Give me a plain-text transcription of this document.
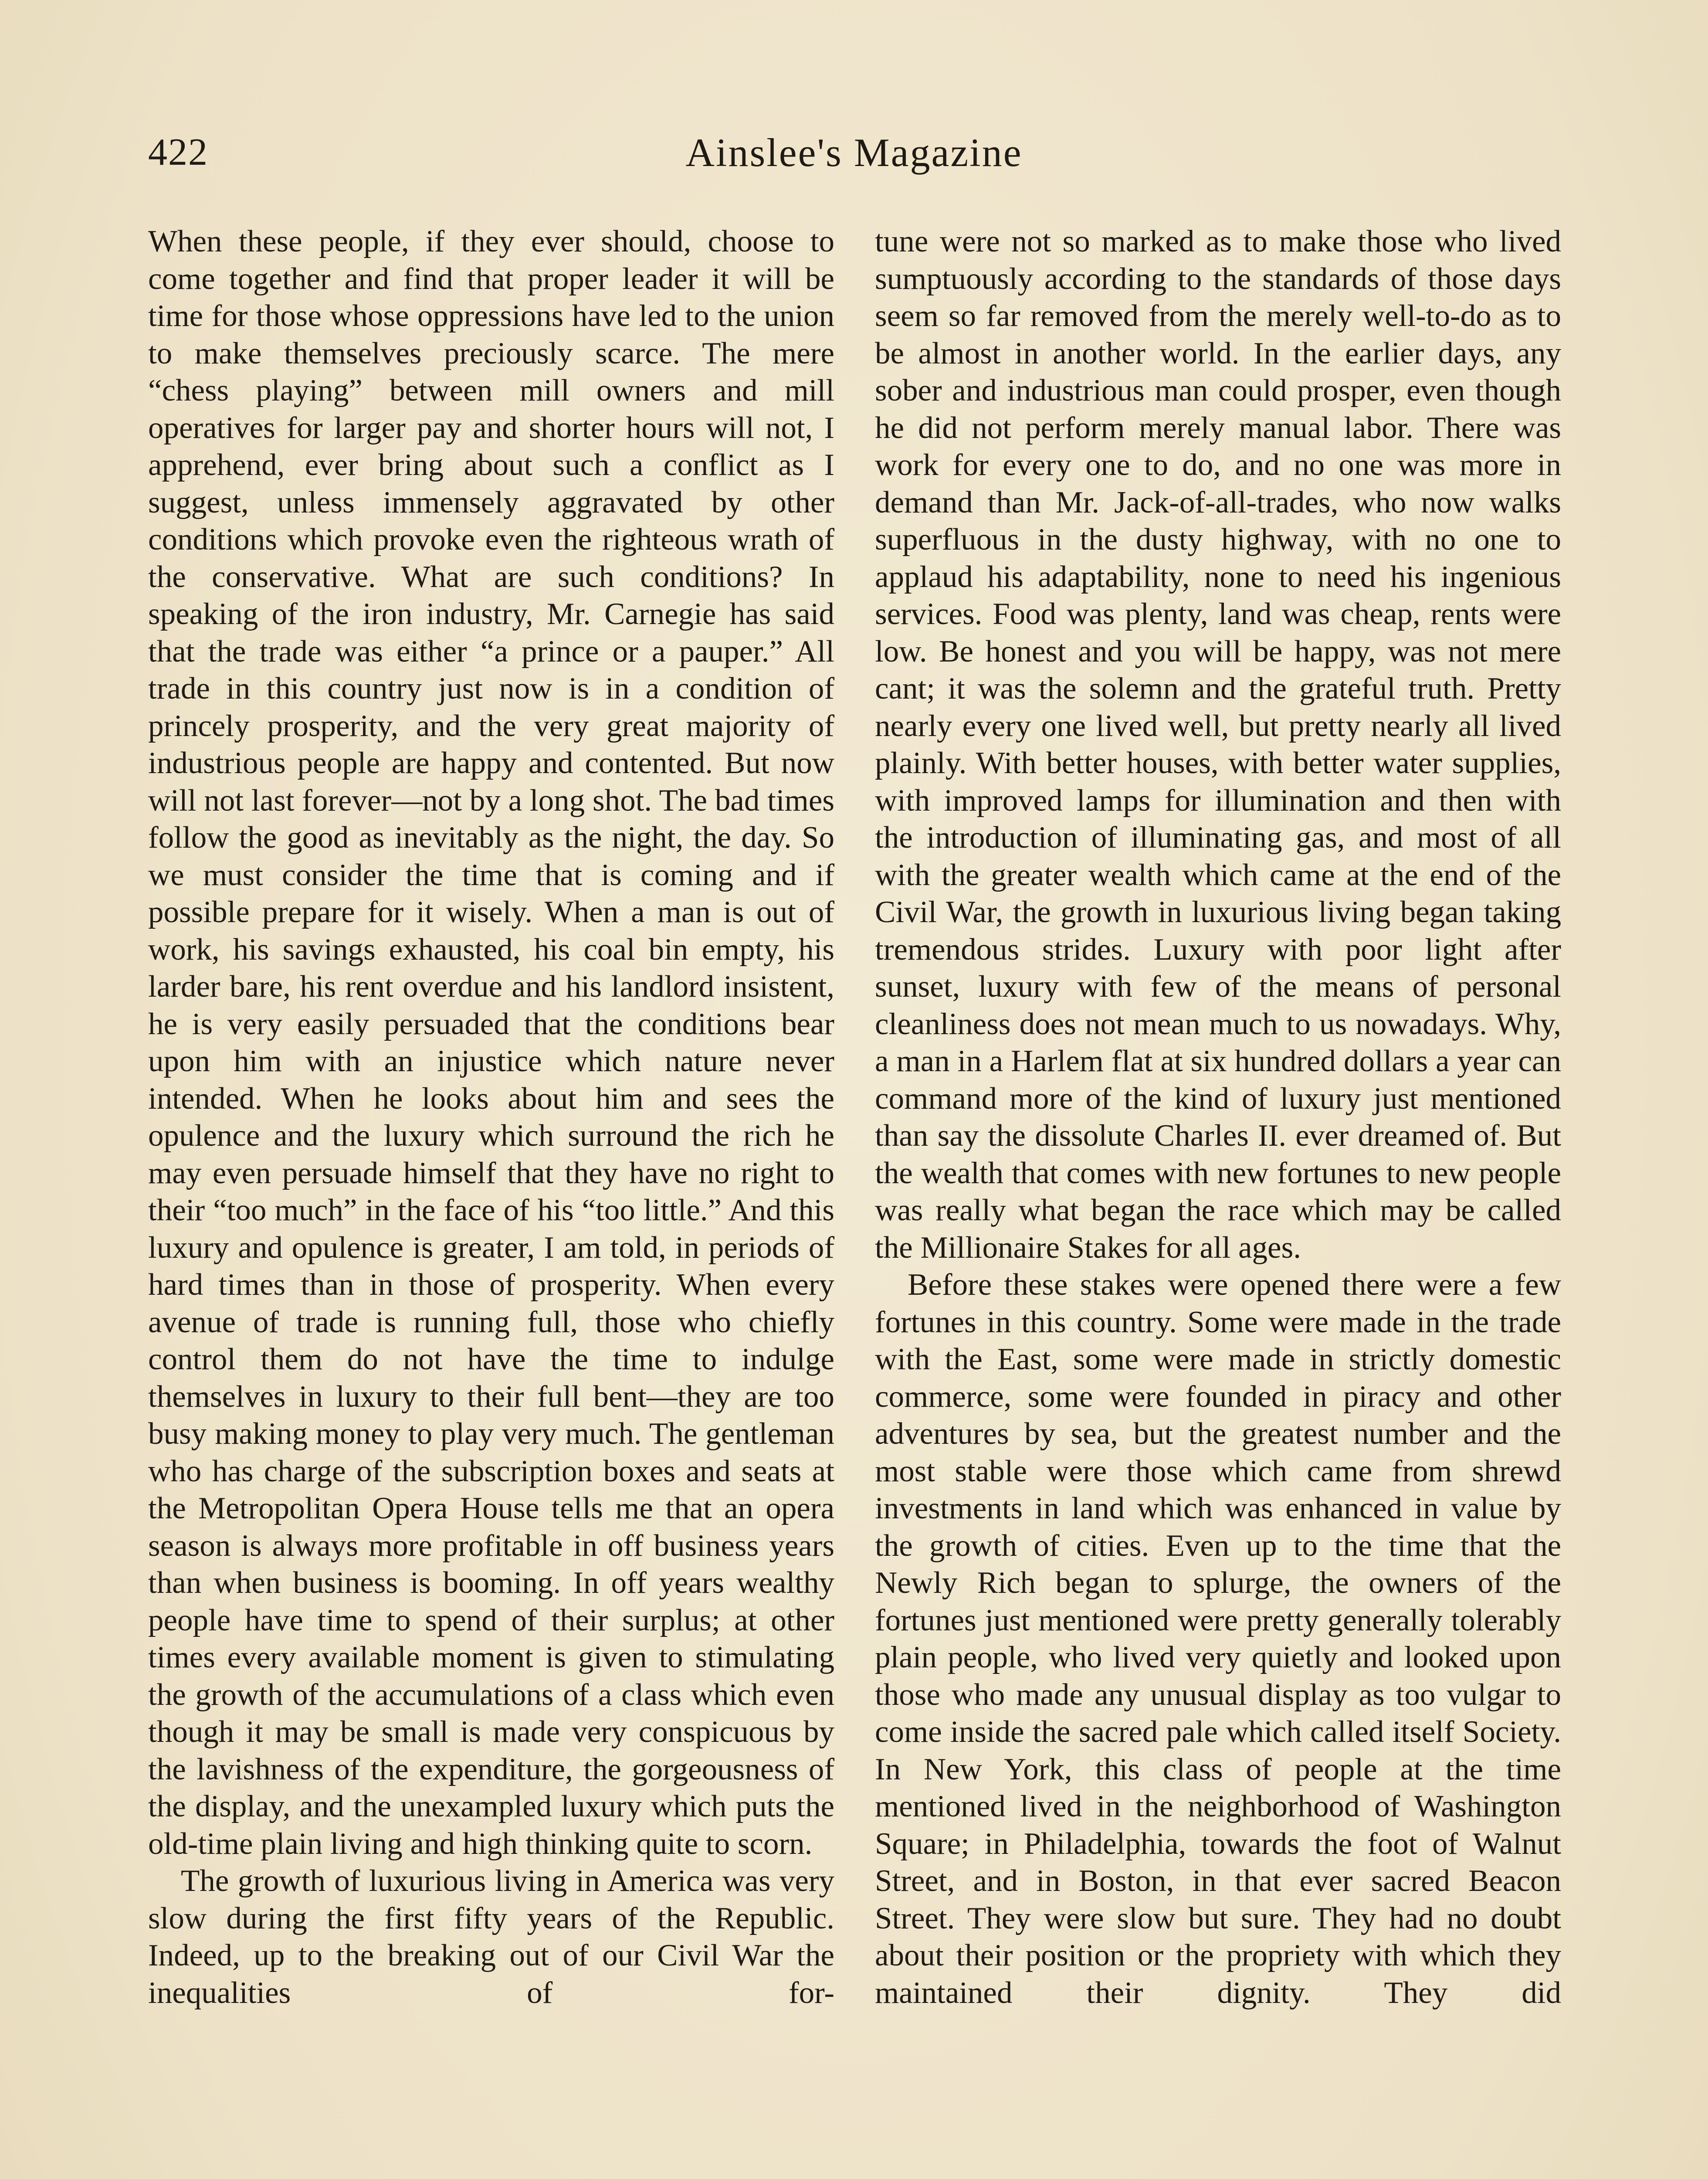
422	Ainslee's Magazine

When these people, if they ever should, choose to come together and find that proper leader it will be time for those whose oppressions have led to the union to make themselves preciously scarce. The mere “chess playing” between mill owners and mill operatives for larger pay and shorter hours will not, I apprehend, ever bring about such a conflict as I suggest, unless immensely aggravated by other conditions which provoke even the righteous wrath of the conservative. What are such conditions? In speaking of the iron industry, Mr. Carnegie has said that the trade was either “a prince or a pauper.” All trade in this country just now is in a condition of princely prosperity, and the very great majority of industrious people are happy and contented. But now will not last forever—not by a long shot. The bad times follow the good as inevitably as the night, the day. So we must consider the time that is coming and if possible prepare for it wisely. When a man is out of work, his savings exhausted, his coal bin empty, his larder bare, his rent overdue and his landlord insistent, he is very easily persuaded that the conditions bear upon him with an injustice which nature never intended. When he looks about him and sees the opulence and the luxury which surround the rich he may even persuade himself that they have no right to their “too much” in the face of his “too little.” And this luxury and opulence is greater, I am told, in periods of hard times than in those of prosperity. When every avenue of trade is running full, those who chiefly control them do not have the time to indulge themselves in luxury to their full bent—they are too busy making money to play very much. The gentleman who has charge of the subscription boxes and seats at the Metropolitan Opera House tells me that an opera season is always more profitable in off business years than when business is booming. In off years wealthy people have time to spend of their surplus; at other times every available moment is given to stimulating the growth of the accumulations of a class which even though it may be small is made very conspicuous by the lavishness of the expenditure, the gorgeousness of the display, and the unexampled luxury which puts the old-time plain living and high thinking quite to scorn.

The growth of luxurious living in America was very slow during the first fifty years of the Republic. Indeed, up to the breaking out of our Civil War the inequalities of for-

tune were not so marked as to make those who lived sumptuously according to the standards of those days seem so far removed from the merely well-to-do as to be almost in another world. In the earlier days, any sober and industrious man could prosper, even though he did not perform merely manual labor. There was work for every one to do, and no one was more in demand than Mr. Jack-of-all-trades, who now walks superfluous in the dusty highway, with no one to applaud his adaptability, none to need his ingenious services. Food was plenty, land was cheap, rents were low. Be honest and you will be happy, was not mere cant; it was the solemn and the grateful truth. Pretty nearly every one lived well, but pretty nearly all lived plainly. With better houses, with better water supplies, with improved lamps for illumination and then with the introduction of illuminating gas, and most of all with the greater wealth which came at the end of the Civil War, the growth in luxurious living began taking tremendous strides. Luxury with poor light after sunset, luxury with few of the means of personal cleanliness does not mean much to us nowadays. Why, a man in a Harlem flat at six hundred dollars a year can command more of the kind of luxury just mentioned than say the dissolute Charles II. ever dreamed of. But the wealth that comes with new fortunes to new people was really what began the race which may be called the Millionaire Stakes for all ages.

Before these stakes were opened there were a few fortunes in this country. Some were made in the trade with the East, some were made in strictly domestic commerce, some were founded in piracy and other adventures by sea, but the greatest number and the most stable were those which came from shrewd investments in land which was enhanced in value by the growth of cities. Even up to the time that the Newly Rich began to splurge, the owners of the fortunes just mentioned were pretty generally tolerably plain people, who lived very quietly and looked upon those who made any unusual display as too vulgar to come inside the sacred pale which called itself Society. In New York, this class of people at the time mentioned lived in the neighborhood of Washington Square; in Philadelphia, towards the foot of Walnut Street, and in Boston, in that ever sacred Beacon Street. They were slow but sure. They had no doubt about their position or the propriety with which they maintained their dignity. They did
